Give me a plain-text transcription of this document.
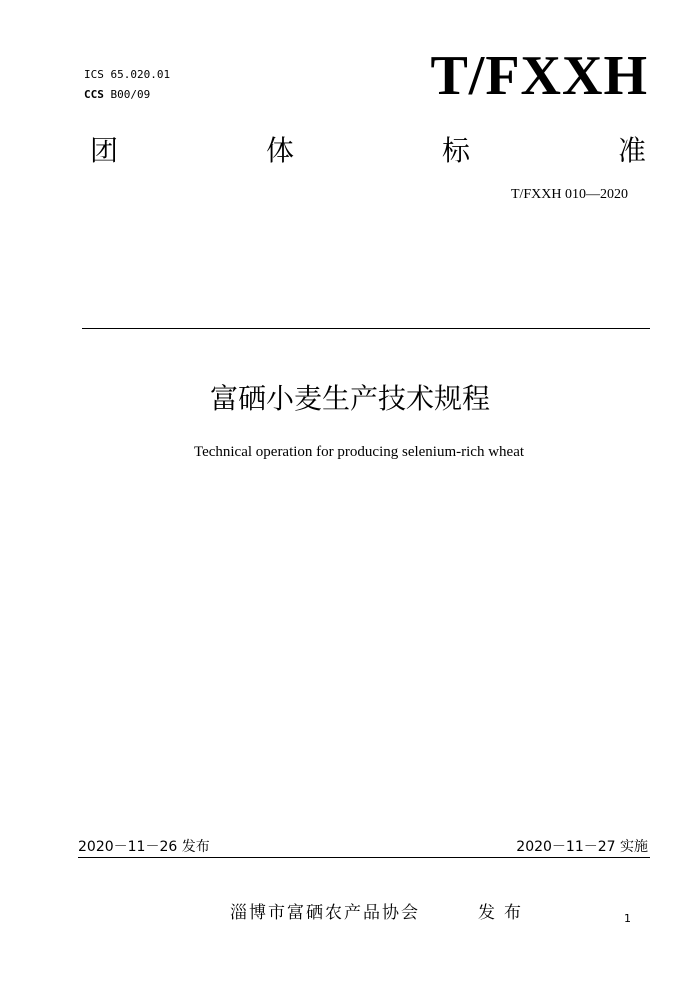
ICS 65.020.01
CCS B00/09	T/FXXH
团	体	标	准
T/FXXH 010—2020
富硒小麦生产技术规程
Technical operation for producing selenium-rich wheat
2020－11－26 发布	2020－11－27 实施
淄博市富硒农产品协会	发布	1
